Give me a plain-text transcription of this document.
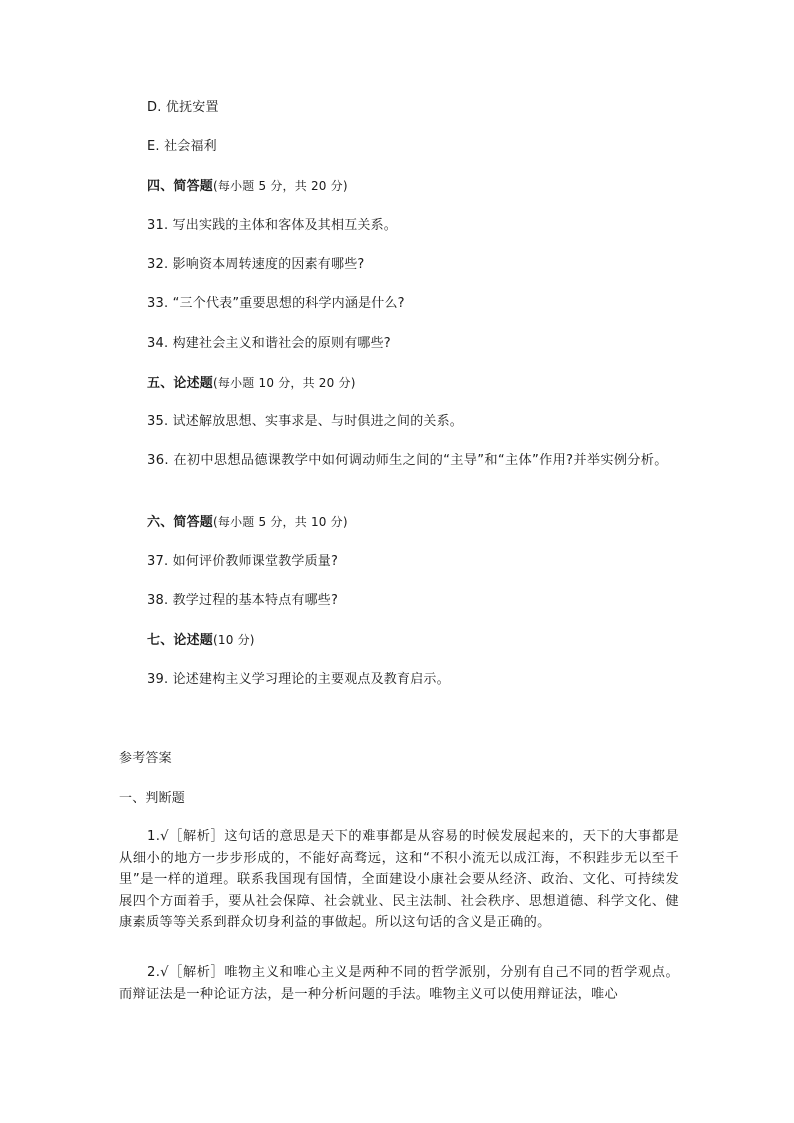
D. 优抚安置
E. 社会福利
四、简答题(每小题 5 分，共 20 分)
31. 写出实践的主体和客体及其相互关系。
32. 影响资本周转速度的因素有哪些?
33. “三个代表”重要思想的科学内涵是什么?
34. 构建社会主义和谐社会的原则有哪些?
五、论述题(每小题 10 分，共 20 分)
35. 试述解放思想、实事求是、与时俱进之间的关系。

36. 在初中思想品德课教学中如何调动师生之间的“主导”和“主体”作用?并举实例分析。

六、简答题(每小题 5 分，共 10 分)
37. 如何评价教师课堂教学质量?
38. 教学过程的基本特点有哪些?
七、论述题(10 分)
39. 论述建构主义学习理论的主要观点及教育启示。
参考答案
一、判断题

1.√［解析］这句话的意思是天下的难事都是从容易的时候发展起来的，天下的大事都是从细小的地方一步步形成的，不能好高骛远，这和“不积小流无以成江海，不积跬步无以至千里”是一样的道理。联系我国现有国情，全面建设小康社会要从经济、政治、文化、可持续发展四个方面着手，要从社会保障、社会就业、民主法制、社会秩序、思想道德、科学文化、健康素质等等关系到群众切身利益的事做起。所以这句话的含义是正确的。

2.√［解析］唯物主义和唯心主义是两种不同的哲学派别，分别有自己不同的哲学观点。而辩证法是一种论证方法，是一种分析问题的手法。唯物主义可以使用辩证法，唯心
